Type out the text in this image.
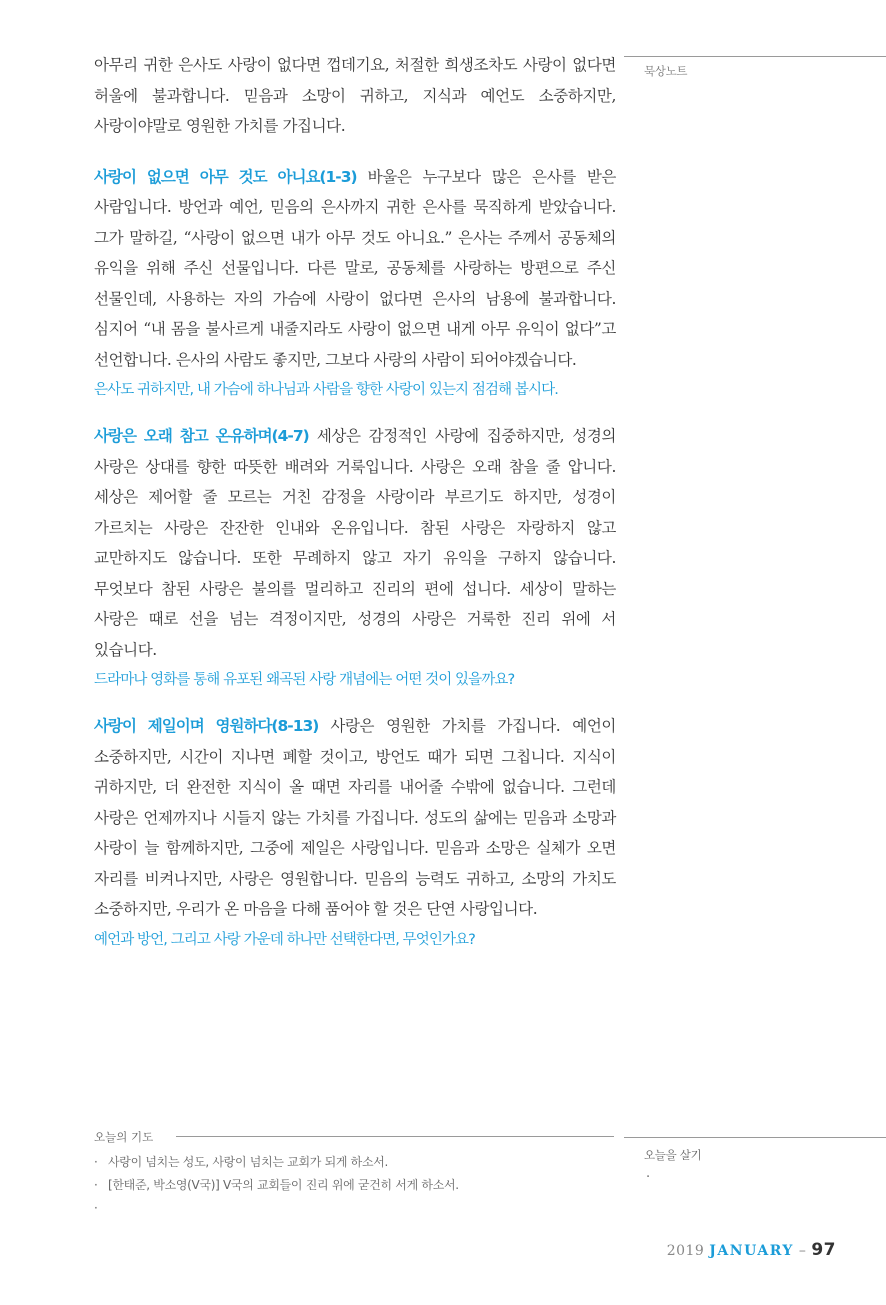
묵상노트

아무리 귀한 은사도 사랑이 없다면 껍데기요, 처절한 희생조차도 사랑이 없다면 허울에 불과합니다. 믿음과 소망이 귀하고, 지식과 예언도 소중하지만, 사랑이야말로 영원한 가치를 가집니다.

사랑이 없으면 아무 것도 아니요(1-3) 바울은 누구보다 많은 은사를 받은 사람입니다. 방언과 예언, 믿음의 은사까지 귀한 은사를 묵직하게 받았습니다. 그가 말하길, “사랑이 없으면 내가 아무 것도 아니요.” 은사는 주께서 공동체의 유익을 위해 주신 선물입니다. 다른 말로, 공동체를 사랑하는 방편으로 주신 선물인데, 사용하는 자의 가슴에 사랑이 없다면 은사의 남용에 불과합니다. 심지어 “내 몸을 불사르게 내줄지라도 사랑이 없으면 내게 아무 유익이 없다”고 선언합니다. 은사의 사람도 좋지만, 그보다 사랑의 사람이 되어야겠습니다.

은사도 귀하지만, 내 가슴에 하나님과 사람을 향한 사랑이 있는지 점검해 봅시다.

사랑은 오래 참고 온유하며(4-7) 세상은 감정적인 사랑에 집중하지만, 성경의 사랑은 상대를 향한 따뜻한 배려와 거룩입니다. 사랑은 오래 참을 줄 압니다. 세상은 제어할 줄 모르는 거친 감정을 사랑이라 부르기도 하지만, 성경이 가르치는 사랑은 잔잔한 인내와 온유입니다. 참된 사랑은 자랑하지 않고 교만하지도 않습니다. 또한 무례하지 않고 자기 유익을 구하지 않습니다. 무엇보다 참된 사랑은 불의를 멀리하고 진리의 편에 섭니다. 세상이 말하는 사랑은 때로 선을 넘는 격정이지만, 성경의 사랑은 거룩한 진리 위에 서 있습니다.

드라마나 영화를 통해 유포된 왜곡된 사랑 개념에는 어떤 것이 있을까요?

사랑이 제일이며 영원하다(8-13) 사랑은 영원한 가치를 가집니다. 예언이 소중하지만, 시간이 지나면 폐할 것이고, 방언도 때가 되면 그칩니다. 지식이 귀하지만, 더 완전한 지식이 올 때면 자리를 내어줄 수밖에 없습니다. 그런데 사랑은 언제까지나 시들지 않는 가치를 가집니다. 성도의 삶에는 믿음과 소망과 사랑이 늘 함께하지만, 그중에 제일은 사랑입니다. 믿음과 소망은 실체가 오면 자리를 비켜나지만, 사랑은 영원합니다. 믿음의 능력도 귀하고, 소망의 가치도 소중하지만, 우리가 온 마음을 다해 품어야 할 것은 단연 사랑입니다.

예언과 방언, 그리고 사랑 가운데 하나만 선택한다면, 무엇인가요?

오늘의 기도
· 사랑이 넘치는 성도, 사랑이 넘치는 교회가 되게 하소서.
· [한태준, 박소영(V국)] V국의 교회들이 진리 위에 굳건히 서게 하소서.
·
오늘을 살기
·
2019 JANUARY – 97
